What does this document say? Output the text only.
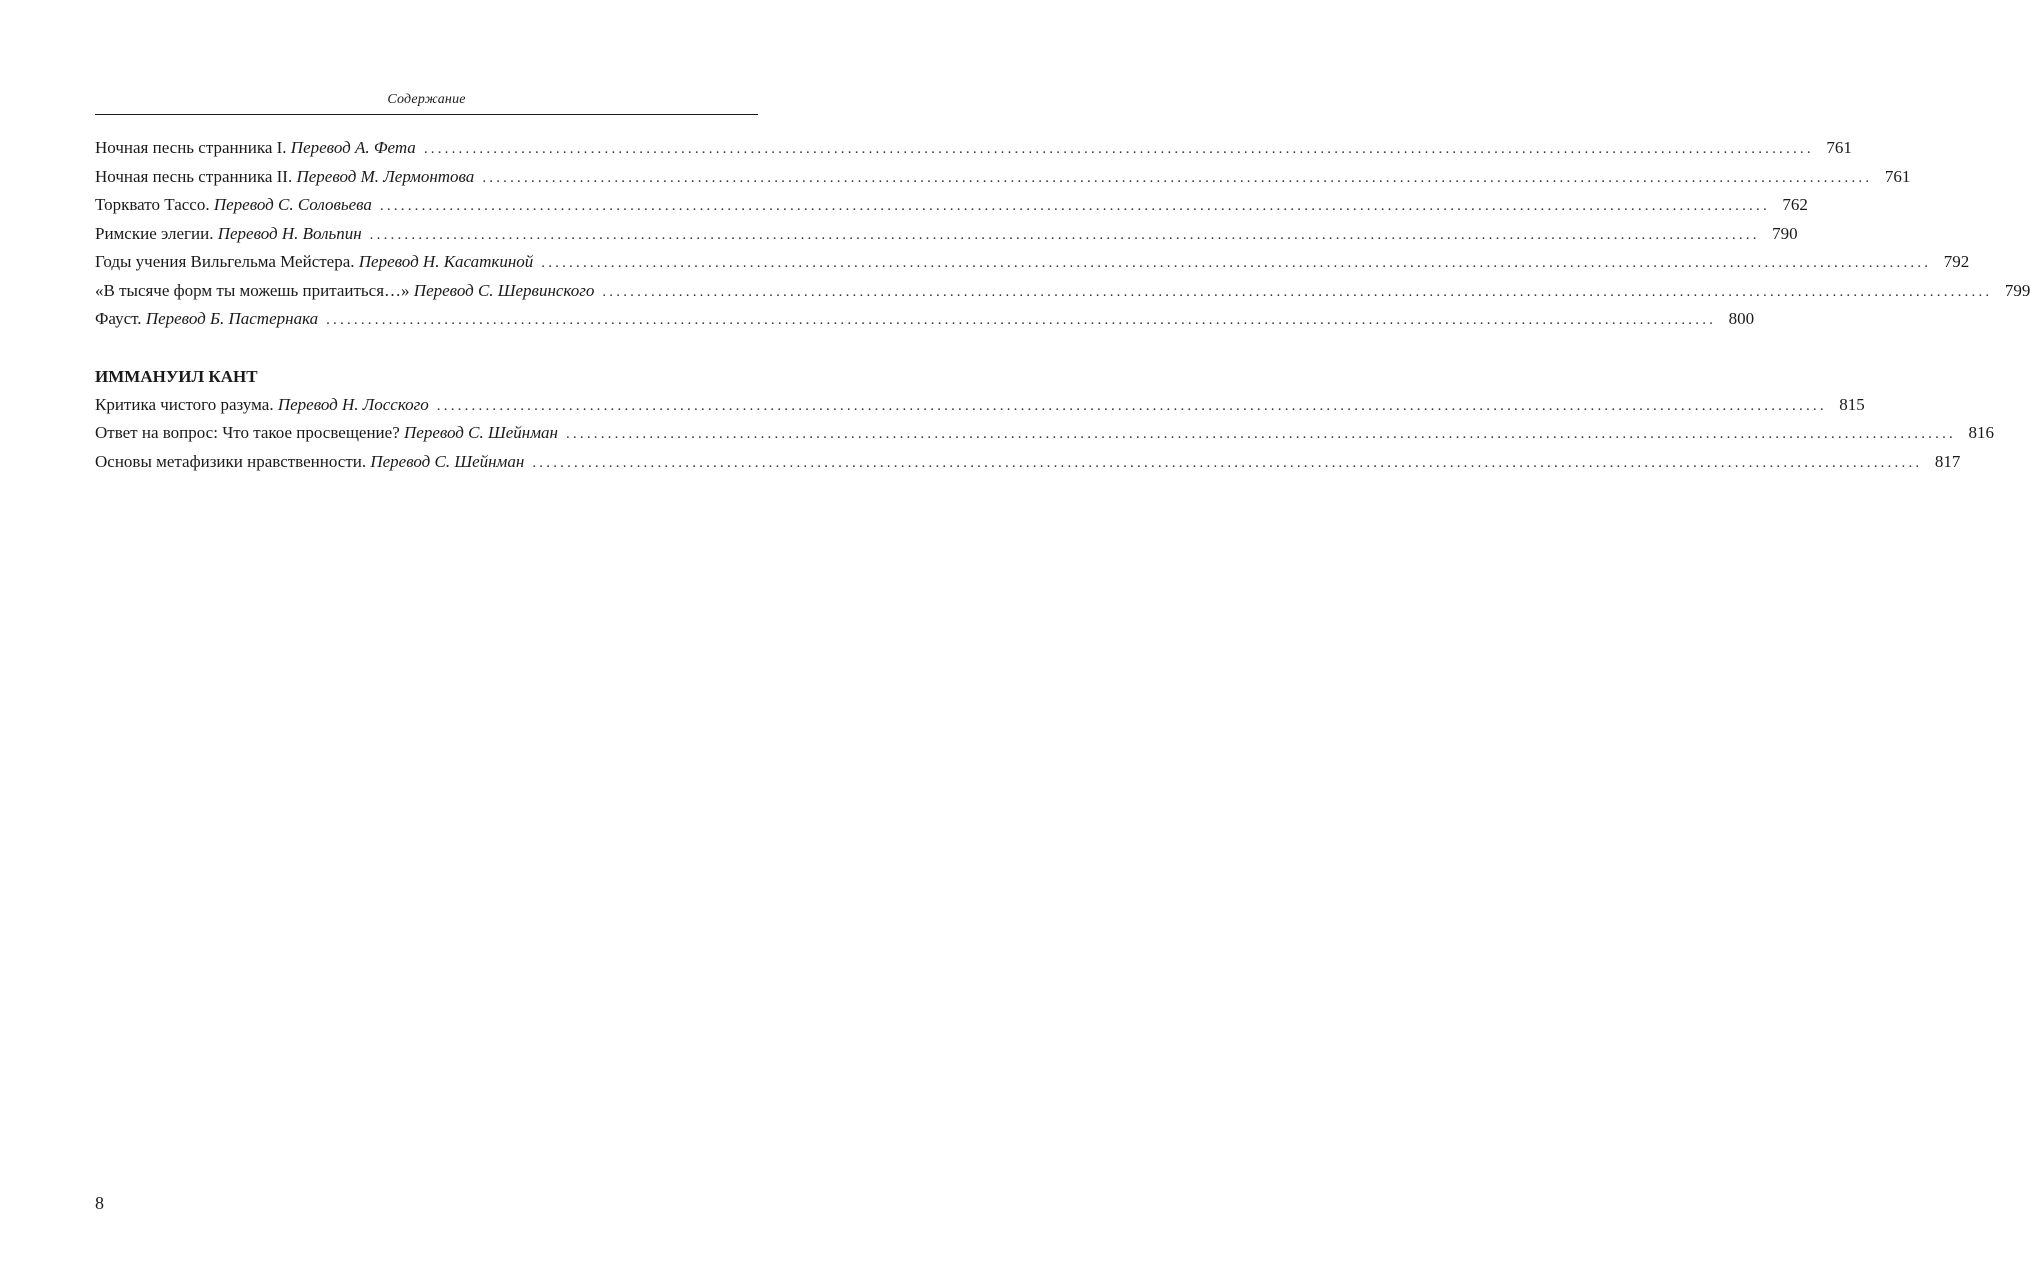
Содержание
Ночная песнь странника I. Перевод А. Фета ........................................................................................................................................................................................................ 761
Ночная песнь странника II. Перевод М. Лермонтова ........................................................................................................................................................................................................ 761
Торквато Тассо. Перевод С. Соловьева ........................................................................................................................................................................................................ 762
Римские элегии. Перевод Н. Вольпин ........................................................................................................................................................................................................ 790
Годы учения Вильгельма Мейстера. Перевод Н. Касаткиной ........................................................................................................................................................................................................ 792
«В тысяче форм ты можешь притаиться…» Перевод С. Шервинского ........................................................................................................................................................................................................ 799
Фауст. Перевод Б. Пастернака ........................................................................................................................................................................................................ 800
ИММАНУИЛ КАНТ
Критика чистого разума. Перевод Н. Лосского ........................................................................................................................................................................................................ 815
Ответ на вопрос: Что такое просвещение? Перевод С. Шейнман ........................................................................................................................................................................................................ 816
Основы метафизики нравственности. Перевод С. Шейнман ........................................................................................................................................................................................................ 817
8
